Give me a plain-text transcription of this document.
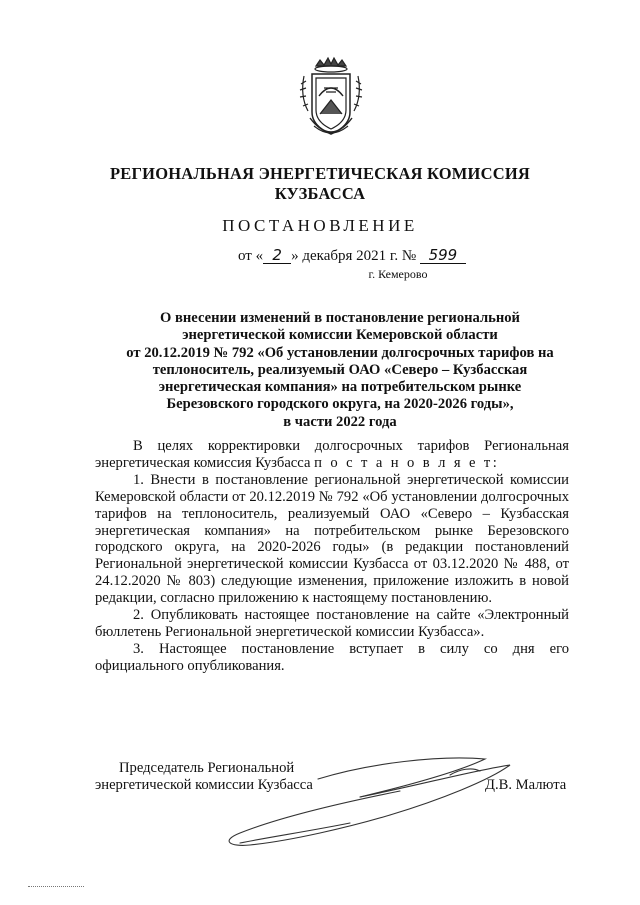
РЕГИОНАЛЬНАЯ ЭНЕРГЕТИЧЕСКАЯ КОМИССИЯ
КУЗБАССА
ПОСТАНОВЛЕНИЕ
от « 2 » декабря 2021 г. № 599
г. Кемерово
О внесении изменений в постановление региональной
энергетической комиссии Кемеровской области
от 20.12.2019 № 792 «Об установлении долгосрочных тарифов на
теплоноситель, реализуемый ОАО «Северо – Кузбасская
энергетическая компания» на потребительском рынке
Березовского городского округа, на 2020-2026 годы»,
в части 2022 года

В целях корректировки долгосрочных тарифов Региональная энергетическая комиссия Кузбасса п о с т а н о в л я е т:

1. Внести в постановление региональной энергетической комиссии Кемеровской области от 20.12.2019 № 792 «Об установлении долгосрочных тарифов на теплоноситель, реализуемый ОАО «Северо – Кузбасская энергетическая компания» на потребительском рынке Березовского городского округа, на 2020-2026 годы» (в редакции постановлений Региональной энергетической комиссии Кузбасса от 03.12.2020 № 488, от 24.12.2020 № 803) следующие изменения, приложение изложить в новой редакции, согласно приложению к настоящему постановлению.

2. Опубликовать настоящее постановление на сайте «Электронный бюллетень Региональной энергетической комиссии Кузбасса».

3. Настоящее постановление вступает в силу со дня его официального опубликования.

Председатель Региональной
энергетической комиссии Кузбасса	Д.В. Малюта
